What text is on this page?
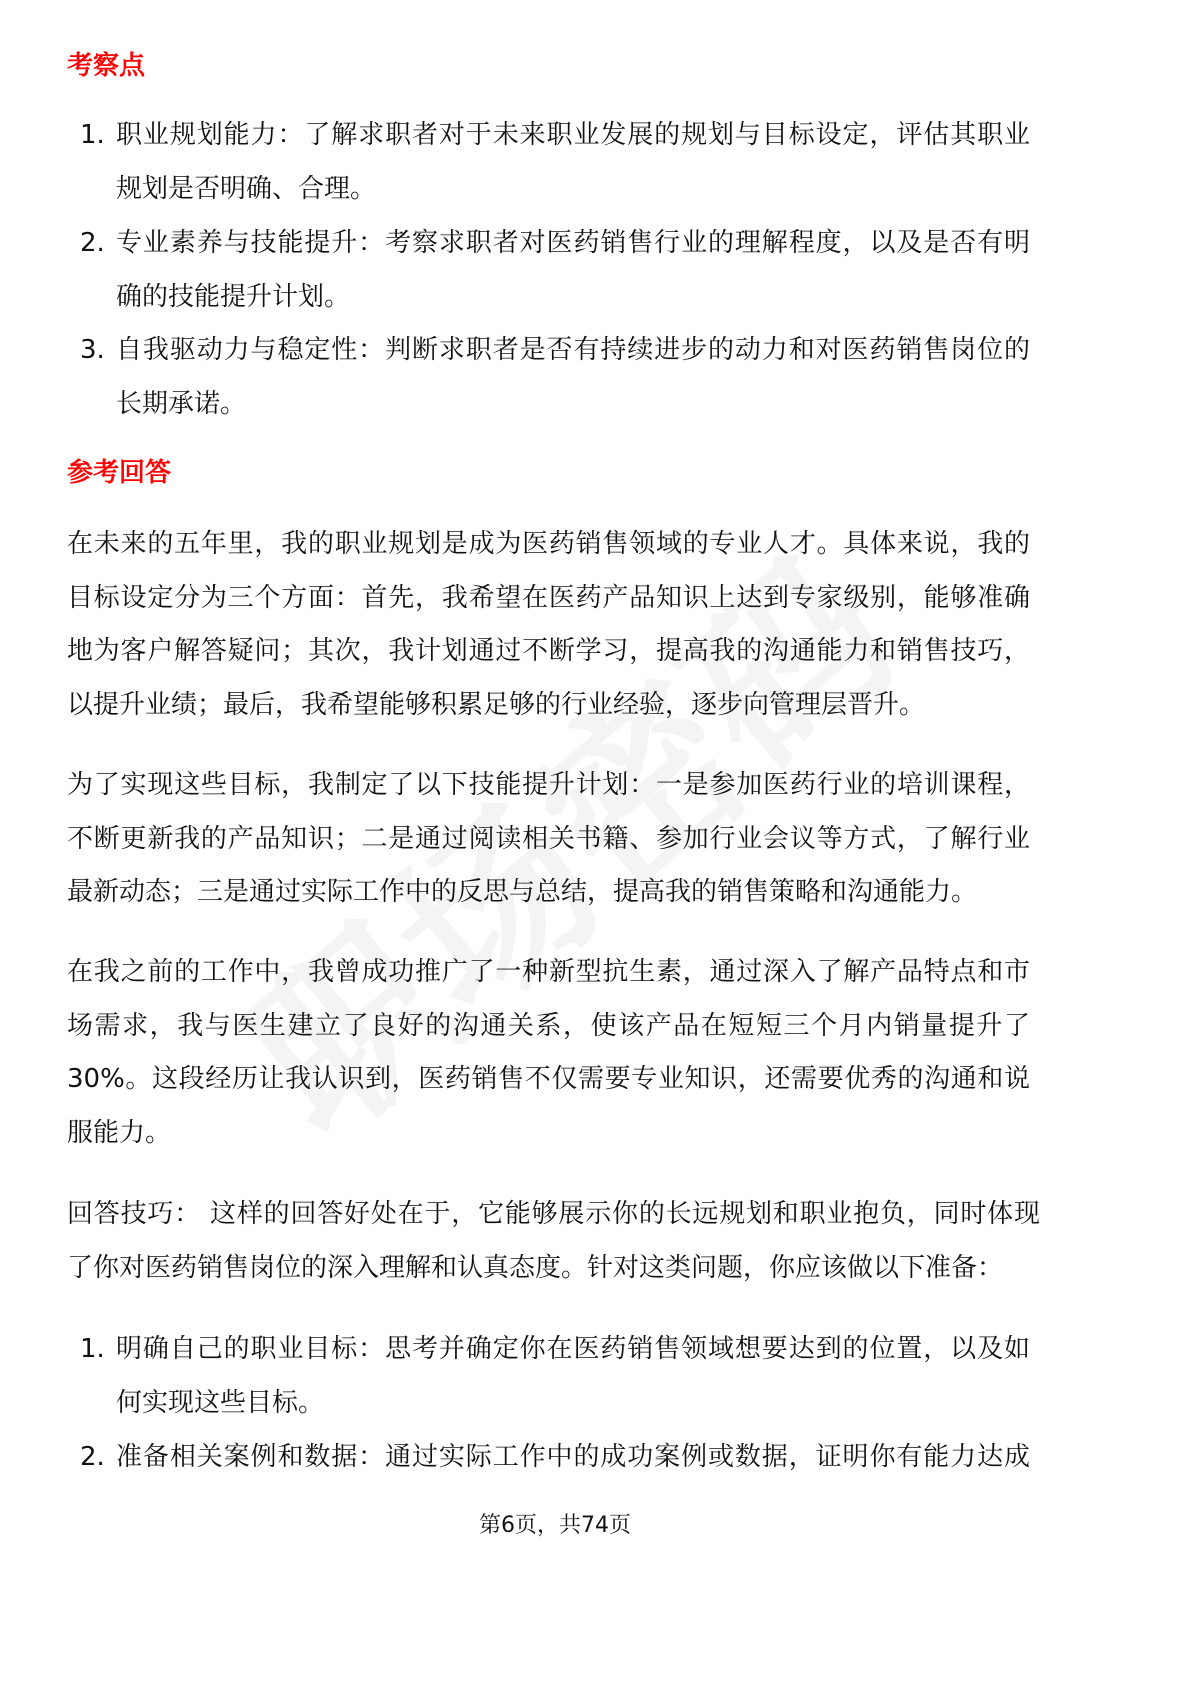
考察点
1. 职业规划能力：了解求职者对于未来职业发展的规划与目标设定，评估其职业
规划是否明确、合理。
2. 专业素养与技能提升：考察求职者对医药销售行业的理解程度，以及是否有明
确的技能提升计划。
3. 自我驱动力与稳定性：判断求职者是否有持续进步的动力和对医药销售岗位的
长期承诺。
参考回答
在未来的五年里，我的职业规划是成为医药销售领域的专业人才。具体来说，我的
目标设定分为三个方面：首先，我希望在医药产品知识上达到专家级别，能够准确
地为客户解答疑问；其次，我计划通过不断学习，提高我的沟通能力和销售技巧，
以提升业绩；最后，我希望能够积累足够的行业经验，逐步向管理层晋升。
为了实现这些目标，我制定了以下技能提升计划：一是参加医药行业的培训课程，
不断更新我的产品知识；二是通过阅读相关书籍、参加行业会议等方式，了解行业
最新动态；三是通过实际工作中的反思与总结，提高我的销售策略和沟通能力。
在我之前的工作中，我曾成功推广了一种新型抗生素，通过深入了解产品特点和市
场需求，我与医生建立了良好的沟通关系，使该产品在短短三个月内销量提升了
30%。这段经历让我认识到，医药销售不仅需要专业知识，还需要优秀的沟通和说
服能力。
回答技巧： 这样的回答好处在于，它能够展示你的长远规划和职业抱负，同时体现
了你对医药销售岗位的深入理解和认真态度。针对这类问题，你应该做以下准备：
1. 明确自己的职业目标：思考并确定你在医药销售领域想要达到的位置，以及如
何实现这些目标。
2. 准备相关案例和数据：通过实际工作中的成功案例或数据，证明你有能力达成
第6页，共74页
